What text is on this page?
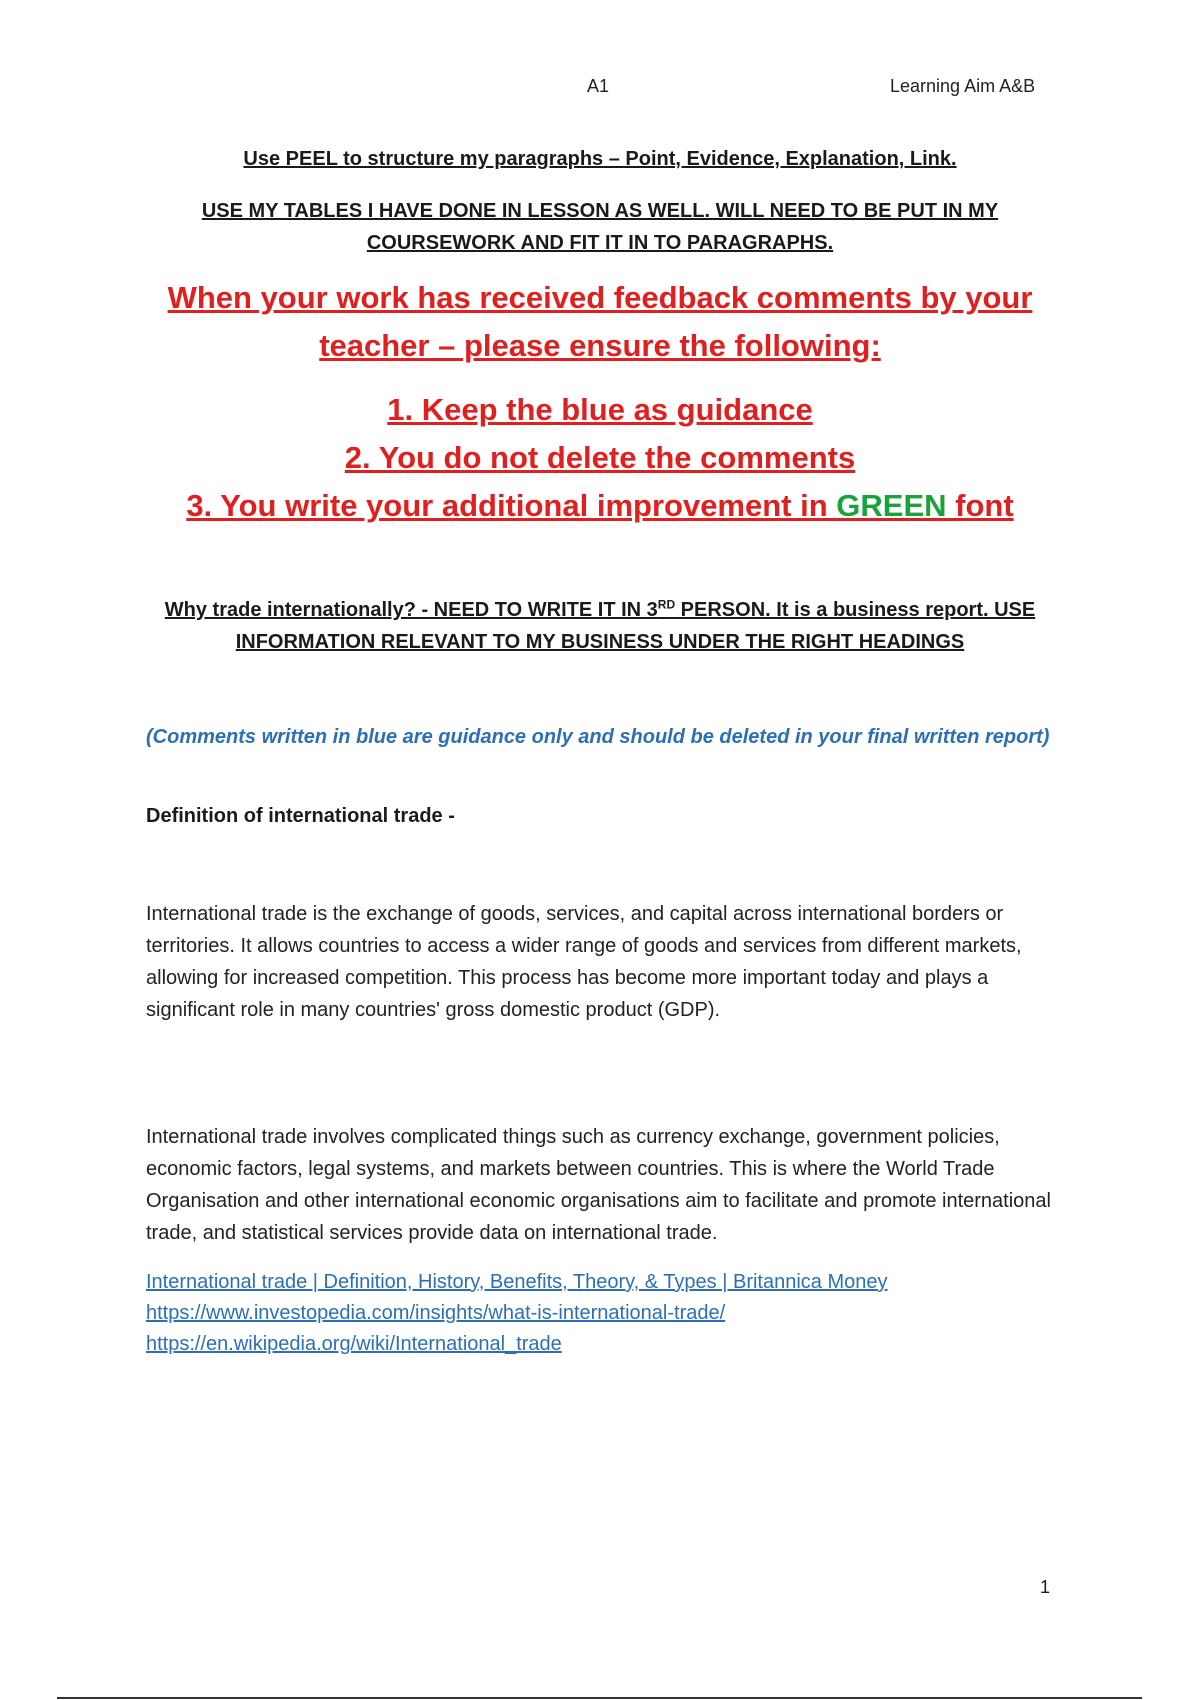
A1	Learning Aim A&B
Use PEEL to structure my paragraphs – Point, Evidence, Explanation, Link.
USE MY TABLES I HAVE DONE IN LESSON AS WELL. WILL NEED TO BE PUT IN MY
COURSEWORK AND FIT IT IN TO PARAGRAPHS.
When your work has received feedback comments by your
teacher – please ensure the following:
1. Keep the blue as guidance
2. You do not delete the comments
3. You write your additional improvement in GREEN font
Why trade internationally? - NEED TO WRITE IT IN 3RD PERSON. It is a business report. USE
INFORMATION RELEVANT TO MY BUSINESS UNDER THE RIGHT HEADINGS
(Comments written in blue are guidance only and should be deleted in your final written report)
Definition of international trade -
International trade is the exchange of goods, services, and capital across international borders or territories. It allows countries to access a wider range of goods and services from different markets, allowing for increased competition. This process has become more important today and plays a significant role in many countries' gross domestic product (GDP).
International trade involves complicated things such as currency exchange, government policies, economic factors, legal systems, and markets between countries. This is where the World Trade Organisation and other international economic organisations aim to facilitate and promote international trade, and statistical services provide data on international trade.
International trade | Definition, History, Benefits, Theory, & Types | Britannica Money
https://www.investopedia.com/insights/what-is-international-trade/
https://en.wikipedia.org/wiki/International_trade
1
